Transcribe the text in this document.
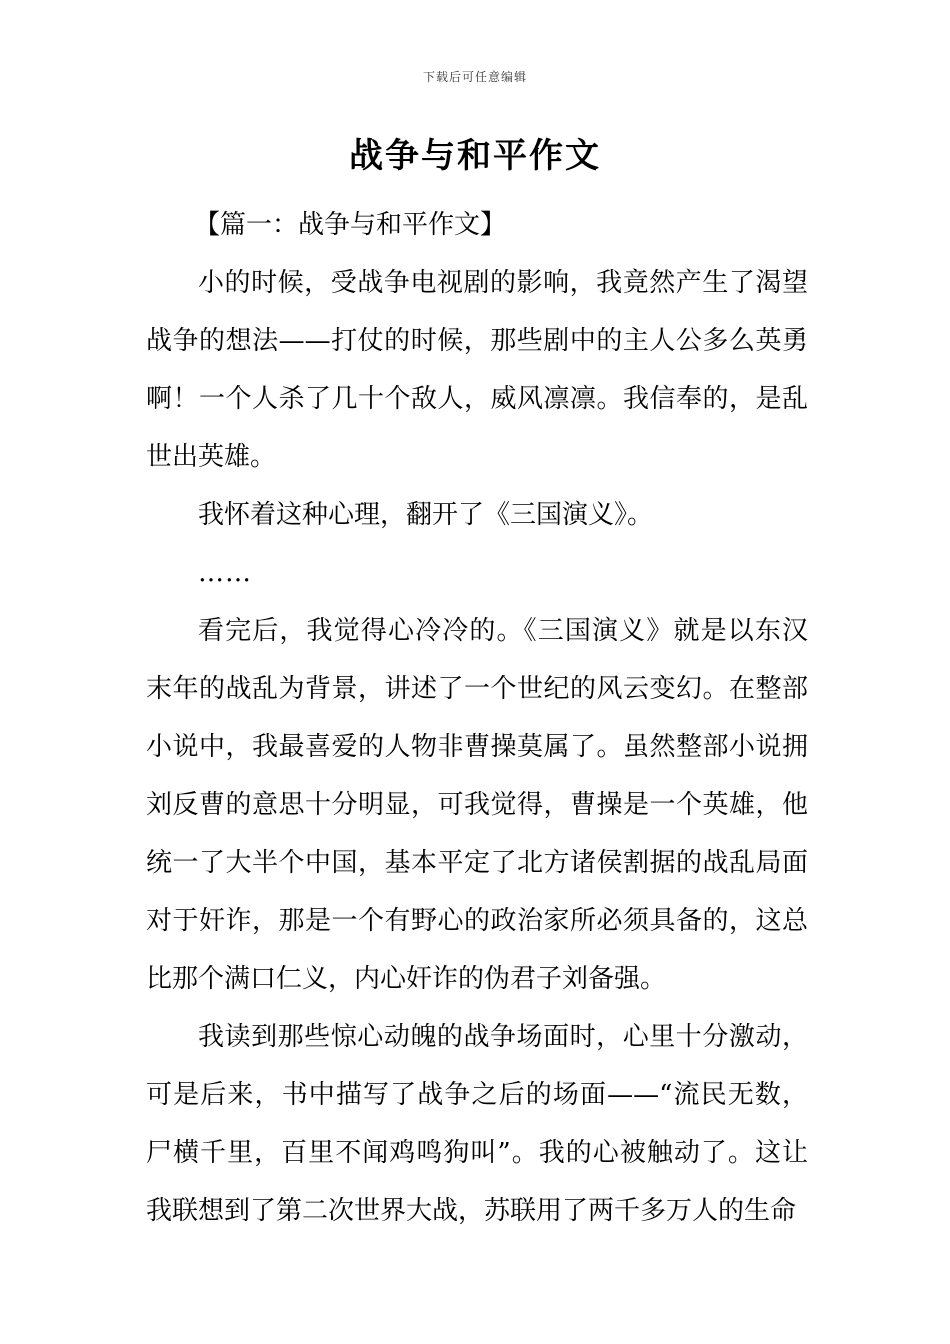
下载后可任意编辑
战争与和平作文

【篇一：战争与和平作文】

小的时候，受战争电视剧的影响，我竟然产生了渴望战争的想法——打仗的时候，那些剧中的主人公多么英勇啊！一个人杀了几十个敌人，威风凛凛。我信奉的，是乱世出英雄。

我怀着这种心理，翻开了《三国演义》。

……

看完后，我觉得心冷冷的。《三国演义》就是以东汉末年的战乱为背景，讲述了一个世纪的风云变幻。在整部小说中，我最喜爱的人物非曹操莫属了。虽然整部小说拥刘反曹的意思十分明显，可我觉得，曹操是一个英雄，他统一了大半个中国，基本平定了北方诸侯割据的战乱局面对于奸诈，那是一个有野心的政治家所必须具备的，这总比那个满口仁义，内心奸诈的伪君子刘备强。

我读到那些惊心动魄的战争场面时，心里十分激动，可是后来，书中描写了战争之后的场面——“流民无数，尸横千里，百里不闻鸡鸣狗叫”。我的心被触动了。这让我联想到了第二次世界大战，苏联用了两千多万人的生命
